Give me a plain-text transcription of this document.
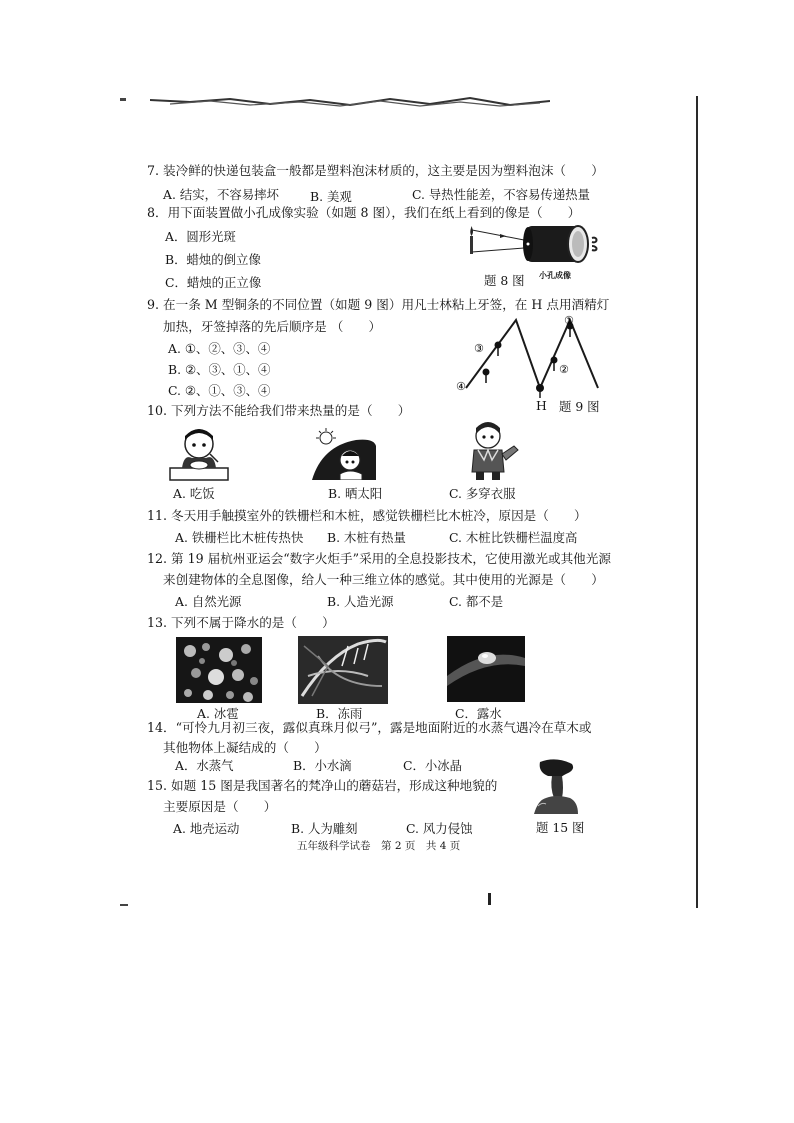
7. 装冷鲜的快递包装盒一般都是塑料泡沫材质的，这主要是因为塑料泡沫（　　）
A. 结实，不容易摔坏	B. 美观	C. 导热性能差，不容易传递热量
8．用下面装置做小孔成像实验（如题 8 图），我们在纸上看到的像是（　　）
A．圆形光斑
B．蜡烛的倒立像
C．蜡烛的正立像	题 8 图 小孔成像
9. 在一条 M 型铜条的不同位置（如题 9 图）用凡士林粘上牙签，在 H 点用酒精灯
加热，牙签掉落的先后顺序是 （　　）
A. ①、②、③、④
B. ②、③、①、④
C. ②、①、③、④
①
②
③
④
H 题 9 图
10. 下列方法不能给我们带来热量的是（　　）
A. 吃饭	B. 晒太阳	C. 多穿衣服
11. 冬天用手触摸室外的铁栅栏和木桩，感觉铁栅栏比木桩冷，原因是（　　）
A. 铁栅栏比木桩传热快 B. 木桩有热量	C. 木桩比铁栅栏温度高
12. 第 19 届杭州亚运会“数字火炬手”采用的全息投影技术，它使用激光或其他光源
来创建物体的全息图像，给人一种三维立体的感觉。其中使用的光源是（　　）
A. 自然光源	B. 人造光源	C. 都不是
13. 下列不属于降水的是（　　）
A. 冰雹	B．冻雨	C．露水
14．“可怜九月初三夜，露似真珠月似弓”，露是地面附近的水蒸气遇冷在草木或
其他物体上凝结成的（　　）
A．水蒸气	B．小水滴	C．小冰晶
15. 如题 15 图是我国著名的梵净山的蘑菇岩，形成这种地貌的
主要原因是（　　）
A. 地壳运动	B. 人为雕刻	C. 风力侵蚀	题 15 图
五年级科学试卷　第 2 页　共 4 页
